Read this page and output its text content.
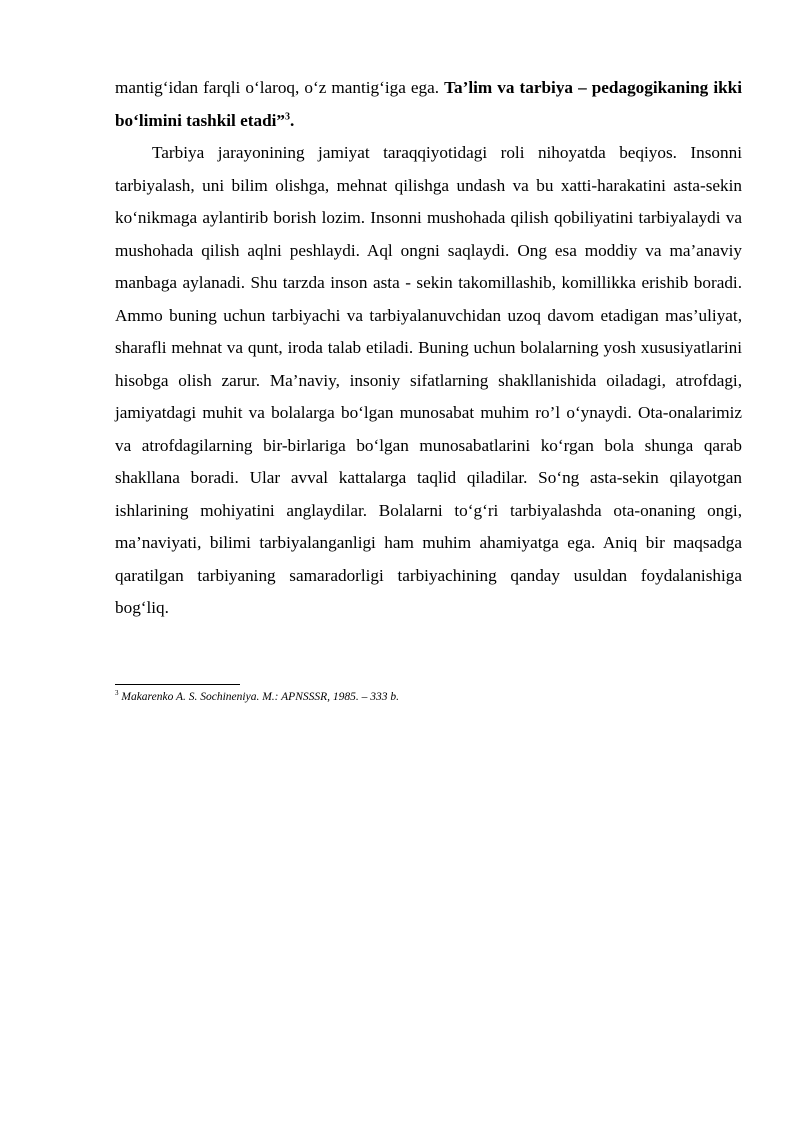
mantig‘idan farqli o‘laroq, o‘z mantig‘iga ega. Ta’lim va tarbiya – pedagogikaning ikki bo‘limini tashkil etadi”$^3$.

Tarbiya jarayonining jamiyat taraqqiyotidagi roli nihoyatda beqiyos. Insonni tarbiyalash, uni bilim olishga, mehnat qilishga undash va bu xatti-harakatini asta-sekin ko‘nikmaga aylantirib borish lozim. Insonni mushohada qilish qobiliyatini tarbiyalaydi va mushohada qilish aqlni peshlaydi. Aql ongni saqlaydi. Ong esa moddiy va ma’anaviy manbaga aylanadi. Shu tarzda inson asta - sekin takomillashib, komillikka erishib boradi. Ammo buning uchun tarbiyachi va tarbiyalanuvchidan uzoq davom etadigan mas’uliyat, sharafli mehnat va qunt, iroda talab etiladi. Buning uchun bolalarning yosh xususiyatlarini hisobga olish zarur. Ma’naviy, insoniy sifatlarning shakllanishida oiladagi, atrofdagi, jamiyatdagi muhit va bolalarga bo‘lgan munosabat muhim ro’l o‘ynaydi. Ota-onalarimiz va atrofdagilarning bir-birlariga bo‘lgan munosabatlarini ko‘rgan bola shunga qarab shakllana boradi. Ular avval kattalarga taqlid qiladilar. So‘ng asta-sekin qilayotgan ishlarining mohiyatini anglaydilar. Bolalarni to‘g‘ri tarbiyalashda ota-onaning ongi, ma’naviyati, bilimi tarbiyalanganligi ham muhim ahamiyatga ega. Aniq bir maqsadga qaratilgan tarbiyaning samaradorligi tarbiyachining qanday usuldan foydalanishiga bog‘liq.

$^3$ Makarenko A. S. Sochineniya. M.: APNSSSR, 1985. – 333 b.
